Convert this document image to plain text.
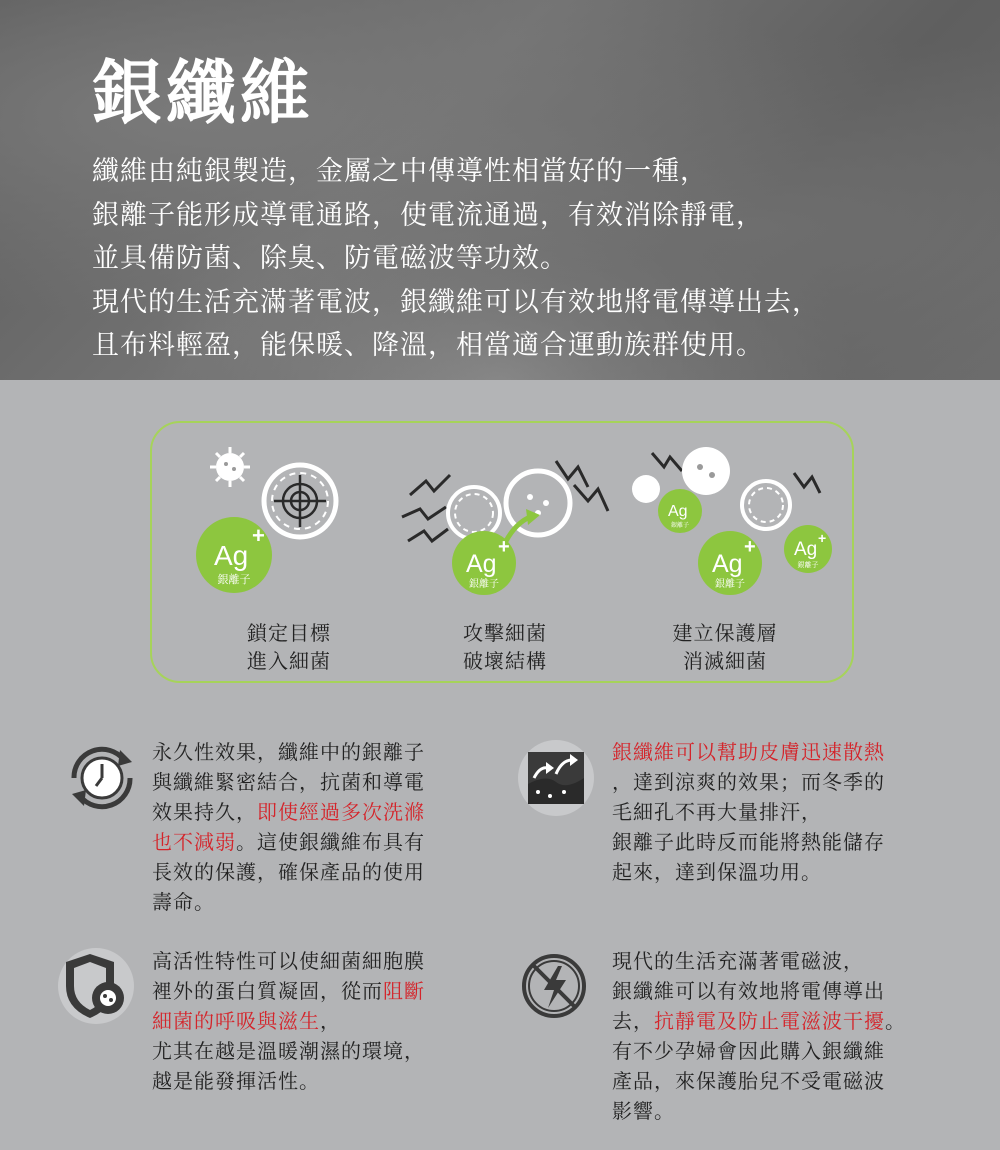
銀纖維
纖維由純銀製造，金屬之中傳導性相當好的一種，
銀離子能形成導電通路，使電流通過，有效消除靜電，
並具備防菌、除臭、防電磁波等功效。
現代的生活充滿著電波，銀纖維可以有效地將電傳導出去，
且布料輕盈，能保暖、降溫，相當適合運動族群使用。
Ag
+
銀離子
鎖定目標
進入細菌
Ag
+
銀離子
攻擊細菌
破壞結構
Ag
銀離子
Ag
+
銀離子
Ag
+
銀離子
建立保護層
消滅細菌
永久性效果，纖維中的銀離子
與纖維緊密結合，抗菌和導電
效果持久，即使經過多次洗滌
也不減弱。這使銀纖維布具有
長效的保護，確保產品的使用
壽命。
銀纖維可以幫助皮膚迅速散熱
，達到涼爽的效果；而冬季的
毛細孔不再大量排汗，
銀離子此時反而能將熱能儲存
起來，達到保溫功用。
高活性特性可以使細菌細胞膜
裡外的蛋白質凝固，從而阻斷
細菌的呼吸與滋生，
尤其在越是溫暖潮濕的環境，
越是能發揮活性。
現代的生活充滿著電磁波，
銀纖維可以有效地將電傳導出
去，抗靜電及防止電滋波干擾。
有不少孕婦會因此購入銀纖維
產品，來保護胎兒不受電磁波
影響。
